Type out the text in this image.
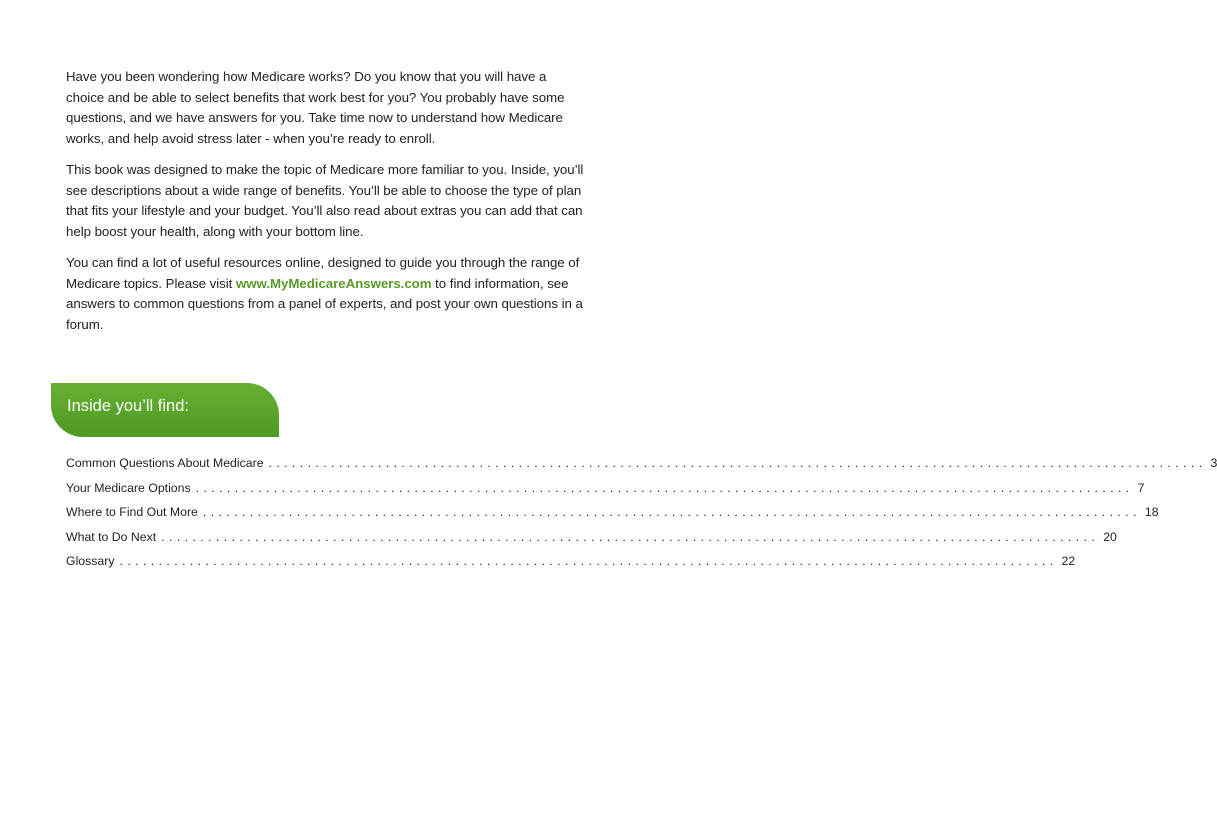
Have you been wondering how Medicare works? Do you know that you will have a choice and be able to select benefits that work best for you? You probably have some questions, and we have answers for you. Take time now to understand how Medicare works, and help avoid stress later - when you’re ready to enroll.

This book was designed to make the topic of Medicare more familiar to you. Inside, you’ll see descriptions about a wide range of benefits. You’ll be able to choose the type of plan that fits your lifestyle and your budget. You’ll also read about extras you can add that can help boost your health, along with your bottom line.

You can find a lot of useful resources online, designed to guide you through the range of Medicare topics. Please visit www.MyMedicareAnswers.com to find information, see answers to common questions from a panel of experts, and post your own questions in a forum.

Inside you’ll find:
Common Questions About Medicare ........................................................................................................................ 3
Your Medicare Options ........................................................................................................................ 7
Where to Find Out More ........................................................................................................................ 18
What to Do Next ........................................................................................................................ 20
Glossary ........................................................................................................................ 22
